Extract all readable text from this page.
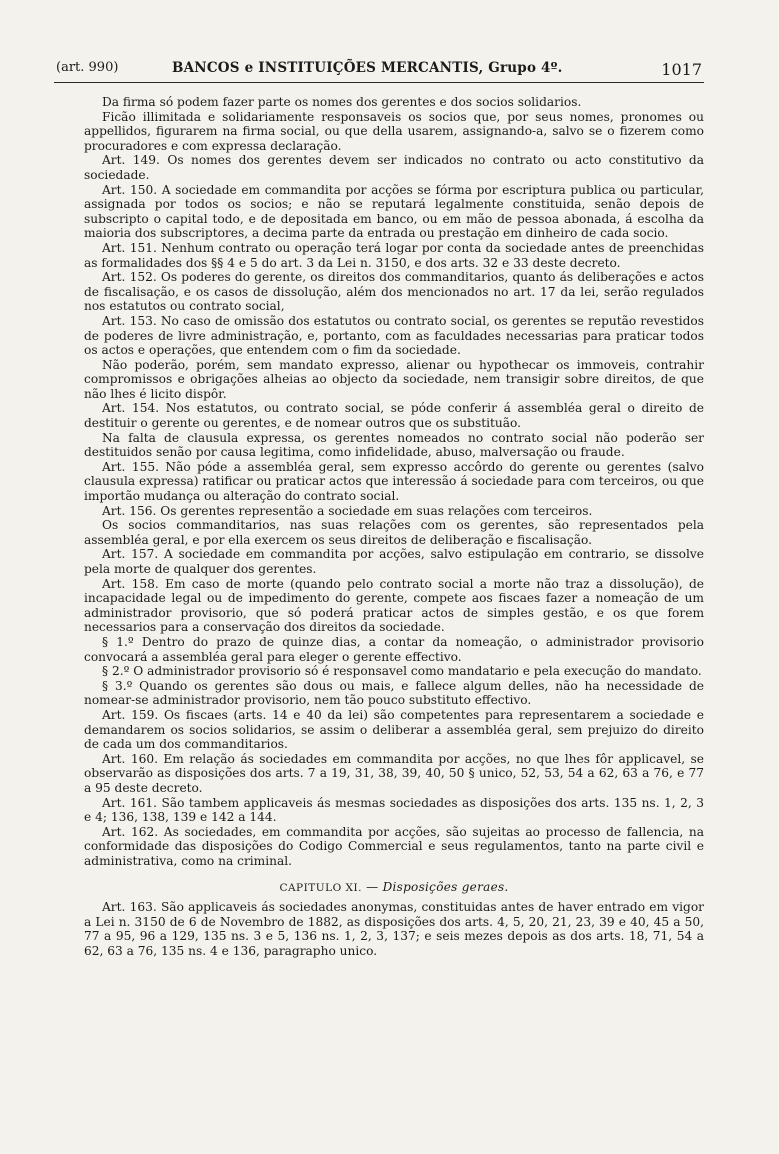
(art. 990)	BANCOS e INSTITUIÇÕES MERCANTIS, Grupo 4º.	1017

Da firma só podem fazer parte os nomes dos gerentes e dos socios solidarios.

Ficão illimitada e solidariamente responsaveis os socios que, por seus nomes, pronomes ou appellidos, figurarem na firma social, ou que della usarem, assignando-a, salvo se o fizerem como procuradores e com expressa declaração.

Art. 149. Os nomes dos gerentes devem ser indicados no contrato ou acto constitutivo da sociedade.

Art. 150. A sociedade em commandita por acções se fórma por escriptura publica ou particular, assignada por todos os socios; e não se reputará legalmente constituida, senão depois de subscripto o capital todo, e de depositada em banco, ou em mão de pessoa abonada, á escolha da maioria dos subscriptores, a decima parte da entrada ou prestação em dinheiro de cada socio.

Art. 151. Nenhum contrato ou operação terá logar por conta da sociedade antes de preenchidas as formalidades dos §§ 4 e 5 do art. 3 da Lei n. 3150, e dos arts. 32 e 33 deste decreto.

Art. 152. Os poderes do gerente, os direitos dos commanditarios, quanto ás deliberações e actos de fiscalisação, e os casos de dissolução, além dos mencionados no art. 17 da lei, serão regulados nos estatutos ou contrato social,

Art. 153. No caso de omissão dos estatutos ou contrato social, os gerentes se reputão revestidos de poderes de livre administração, e, portanto, com as faculdades necessarias para praticar todos os actos e operações, que entendem com o fim da sociedade.

Não poderão, porém, sem mandato expresso, alienar ou hypothecar os immoveis, contrahir compromissos e obrigações alheias ao objecto da sociedade, nem transigir sobre direitos, de que não lhes é licito dispôr.

Art. 154. Nos estatutos, ou contrato social, se póde conferir á assembléa geral o direito de destituir o gerente ou gerentes, e de nomear outros que os substituão.

Na falta de clausula expressa, os gerentes nomeados no contrato social não poderão ser destituidos senão por causa legitima, como infidelidade, abuso, malversação ou fraude.

Art. 155. Não póde a assembléa geral, sem expresso accôrdo do gerente ou gerentes (salvo clausula expressa) ratificar ou praticar actos que interessão á sociedade para com terceiros, ou que importão mudança ou alteração do contrato social.

Art. 156. Os gerentes representão a sociedade em suas relações com terceiros.

Os socios commanditarios, nas suas relações com os gerentes, são representados pela assembléa geral, e por ella exercem os seus direitos de deliberação e fiscalisação.

Art. 157. A sociedade em commandita por acções, salvo estipulação em contrario, se dissolve pela morte de qualquer dos gerentes.

Art. 158. Em caso de morte (quando pelo contrato social a morte não traz a dissolução), de incapacidade legal ou de impedimento do gerente, compete aos fiscaes fazer a nomeação de um administrador provisorio, que só poderá praticar actos de simples gestão, e os que forem necessarios para a conservação dos direitos da sociedade.

§ 1.º Dentro do prazo de quinze dias, a contar da nomeação, o administrador provisorio convocará a assembléa geral para eleger o gerente effectivo.

§ 2.º O administrador provisorio só é responsavel como mandatario e pela execução do mandato.

§ 3.º Quando os gerentes são dous ou mais, e fallece algum delles, não ha necessidade de nomear-se administrador provisorio, nem tão pouco substituto effectivo.

Art. 159. Os fiscaes (arts. 14 e 40 da lei) são competentes para representarem a sociedade e demandarem os socios solidarios, se assim o deliberar a assembléa geral, sem prejuizo do direito de cada um dos commanditarios.

Art. 160. Em relação ás sociedades em commandita por acções, no que lhes fôr applicavel, se observarão as disposições dos arts. 7 a 19, 31, 38, 39, 40, 50 § unico, 52, 53, 54 a 62, 63 a 76, e 77 a 95 deste decreto.

Art. 161. São tambem applicaveis ás mesmas sociedades as disposições dos arts. 135 ns. 1, 2, 3 e 4; 136, 138, 139 e 142 a 144.

Art. 162. As sociedades, em commandita por acções, são sujeitas ao processo de fallencia, na conformidade das disposições do Codigo Commercial e seus regulamentos, tanto na parte civil e administrativa, como na criminal.

CAPITULO XI. — Disposições geraes.

Art. 163. São applicaveis ás sociedades anonymas, constituidas antes de haver entrado em vigor a Lei n. 3150 de 6 de Novembro de 1882, as disposições dos arts. 4, 5, 20, 21, 23, 39 e 40, 45 a 50, 77 a 95, 96 a 129, 135 ns. 3 e 5, 136 ns. 1, 2, 3, 137; e seis mezes depois as dos arts. 18, 71, 54 a 62, 63 a 76, 135 ns. 4 e 136, paragrapho unico.
